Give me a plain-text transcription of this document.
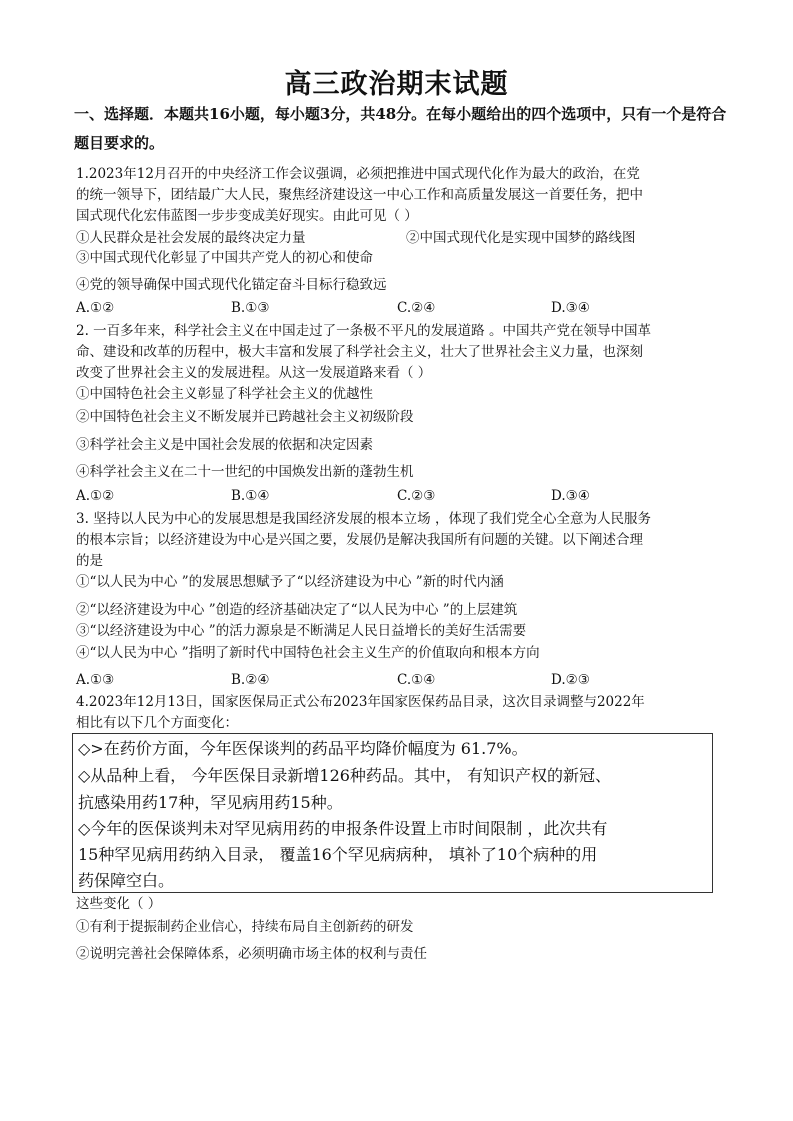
高三政治期末试题
一、选择题．本题共16小题，每小题3分，共48分。在每小题给出的四个选项中，只有一个是符合题目要求的。
1.2023年12月召开的中央经济工作会议强调，必须把推进中国式现代化作为最大的政治，在党
的统一领导下，团结最广大人民，聚焦经济建设这一中心工作和高质量发展这一首要任务，把中
国式现代化宏伟蓝图一步步变成美好现实。由此可见（ ）
①人民群众是社会发展的最终决定力量	②中国式现代化是实现中国梦的路线图
③中国式现代化彰显了中国共产党人的初心和使命
④党的领导确保中国式现代化锚定奋斗目标行稳致远
A.①②	B.①③	C.②④	D.③④
2. 一百多年来，科学社会主义在中国走过了一条极不平凡的发展道路 。中国共产党在领导中国革
命、建设和改革的历程中，极大丰富和发展了科学社会主义，壮大了世界社会主义力量，也深刻
改变了世界社会主义的发展进程。从这一发展道路来看（ ）
①中国特色社会主义彰显了科学社会主义的优越性
②中国特色社会主义不断发展并已跨越社会主义初级阶段
③科学社会主义是中国社会发展的依据和决定因素
④科学社会主义在二十一世纪的中国焕发出新的蓬勃生机
A.①②	B.①④	C.②③	D.③④
3. 坚持以人民为中心的发展思想是我国经济发展的根本立场 ，体现了我们党全心全意为人民服务
的根本宗旨；以经济建设为中心是兴国之要，发展仍是解决我国所有问题的关键。以下阐述合理
的是
①“以人民为中心 ”的发展思想赋予了“以经济建设为中心 ”新的时代内涵
②“以经济建设为中心 ”创造的经济基础决定了“以人民为中心 ”的上层建筑
③“以经济建设为中心 ”的活力源泉是不断满足人民日益增长的美好生活需要
④“以人民为中心 ”指明了新时代中国特色社会主义生产的价值取向和根本方向
A.①③	B.②④	C.①④	D.②③
4.2023年12月13日，国家医保局正式公布2023年国家医保药品目录，这次目录调整与2022年
相比有以下几个方面变化：
◇>在药价方面，今年医保谈判的药品平均降价幅度为 61.7%。
◇从品种上看， 今年医保目录新增126种药品。其中， 有知识产权的新冠、
抗感染用药17种，罕见病用药15种。
◇今年的医保谈判未对罕见病用药的申报条件设置上市时间限制 ，此次共有
15种罕见病用药纳入目录， 覆盖16个罕见病病种， 填补了10个病种的用
药保障空白。
这些变化（ ）
①有利于提振制药企业信心，持续布局自主创新药的研发
②说明完善社会保障体系，必须明确市场主体的权利与责任
